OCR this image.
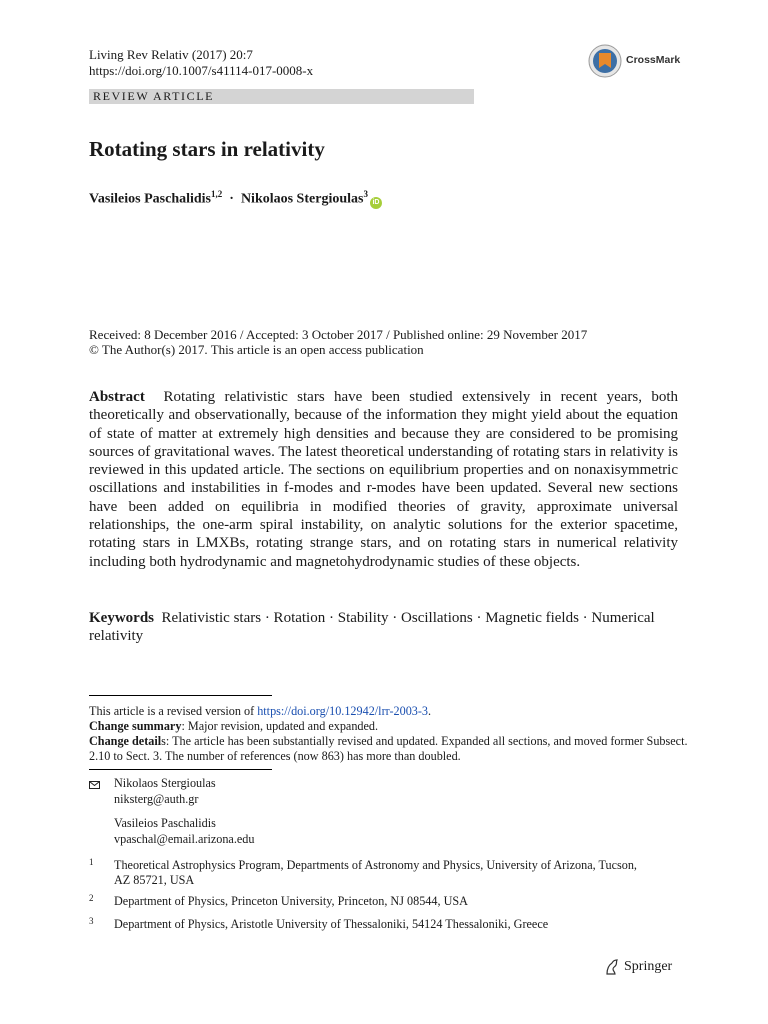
Living Rev Relativ (2017) 20:7
https://doi.org/10.1007/s41114-017-0008-x
CrossMark
REVIEW ARTICLE
Rotating stars in relativity
Vasileios Paschalidis$^{1,2}$ · Nikolaos Stergioulas$^3$iD
Received: 8 December 2016 / Accepted: 3 October 2017 / Published online: 29 November 2017
© The Author(s) 2017. This article is an open access publication
Abstract Rotating relativistic stars have been studied extensively in recent years, both theoretically and observationally, because of the information they might yield about the equation of state of matter at extremely high densities and because they are considered to be promising sources of gravitational waves. The latest theoretical understanding of rotating stars in relativity is reviewed in this updated article. The sections on equilibrium properties and on nonaxisymmetric oscillations and instabilities in f-modes and r-modes have been updated. Several new sections have been added on equilibria in modified theories of gravity, approximate universal relationships, the one-arm spiral instability, on analytic solutions for the exterior spacetime, rotating stars in LMXBs, rotating strange stars, and on rotating stars in numerical relativity including both hydrodynamic and magnetohydrodynamic studies of these objects.
Keywords Relativistic stars · Rotation · Stability · Oscillations · Magnetic fields · Numerical relativity
This article is a revised version of https://doi.org/10.12942/lrr-2003-3.
Change summary: Major revision, updated and expanded.
Change details: The article has been substantially revised and updated. Expanded all sections, and moved former Subsect. 2.10 to Sect. 3. The number of references (now 863) has more than doubled.
Nikolaos Stergioulas
niksterg@auth.gr
Vasileios Paschalidis
vpaschal@email.arizona.edu
1 Theoretical Astrophysics Program, Departments of Astronomy and Physics, University of Arizona, Tucson, AZ 85721, USA
2 Department of Physics, Princeton University, Princeton, NJ 08544, USA
3 Department of Physics, Aristotle University of Thessaloniki, 54124 Thessaloniki, Greece
Springer
